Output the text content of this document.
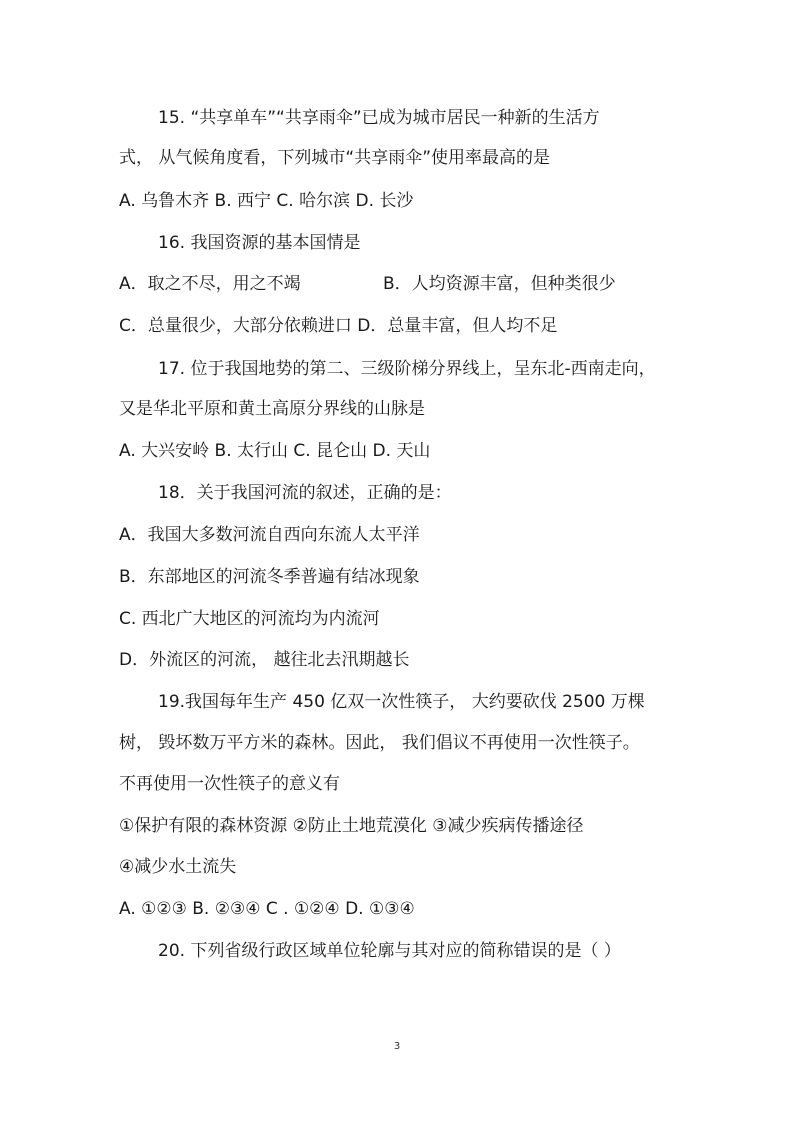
15. “共享单车”“共享雨伞”已成为城市居民一种新的生活方
式， 从气候角度看，下列城市“共享雨伞”使用率最高的是
A. 乌鲁木齐 B. 西宁 C. 哈尔滨 D. 长沙
16. 我国资源的基本国情是
A．取之不尽，用之不竭	B．人均资源丰富，但种类很少
C．总量很少，大部分依赖进口 D．总量丰富，但人均不足
17. 位于我国地势的第二、三级阶梯分界线上，呈东北-西南走向，
又是华北平原和黄土高原分界线的山脉是
A. 大兴安岭 B. 太行山 C. 昆仑山 D. 天山
18．关于我国河流的叙述，正确的是：
A．我国大多数河流自西向东流人太平洋
B．东部地区的河流冬季普遍有结冰现象
C. 西北广大地区的河流均为内流河
D．外流区的河流， 越往北去汛期越长
19.我国每年生产 450 亿双一次性筷子， 大约要砍伐 2500 万棵
树， 毁坏数万平方米的森林。因此， 我们倡议不再使用一次性筷子。
不再使用一次性筷子的意义有
①保护有限的森林资源 ②防止土地荒漠化 ③减少疾病传播途径
④减少水土流失
A. ①②③ B. ②③④ C . ①②④ D. ①③④
20. 下列省级行政区域单位轮廓与其对应的简称错误的是（ ）
3
